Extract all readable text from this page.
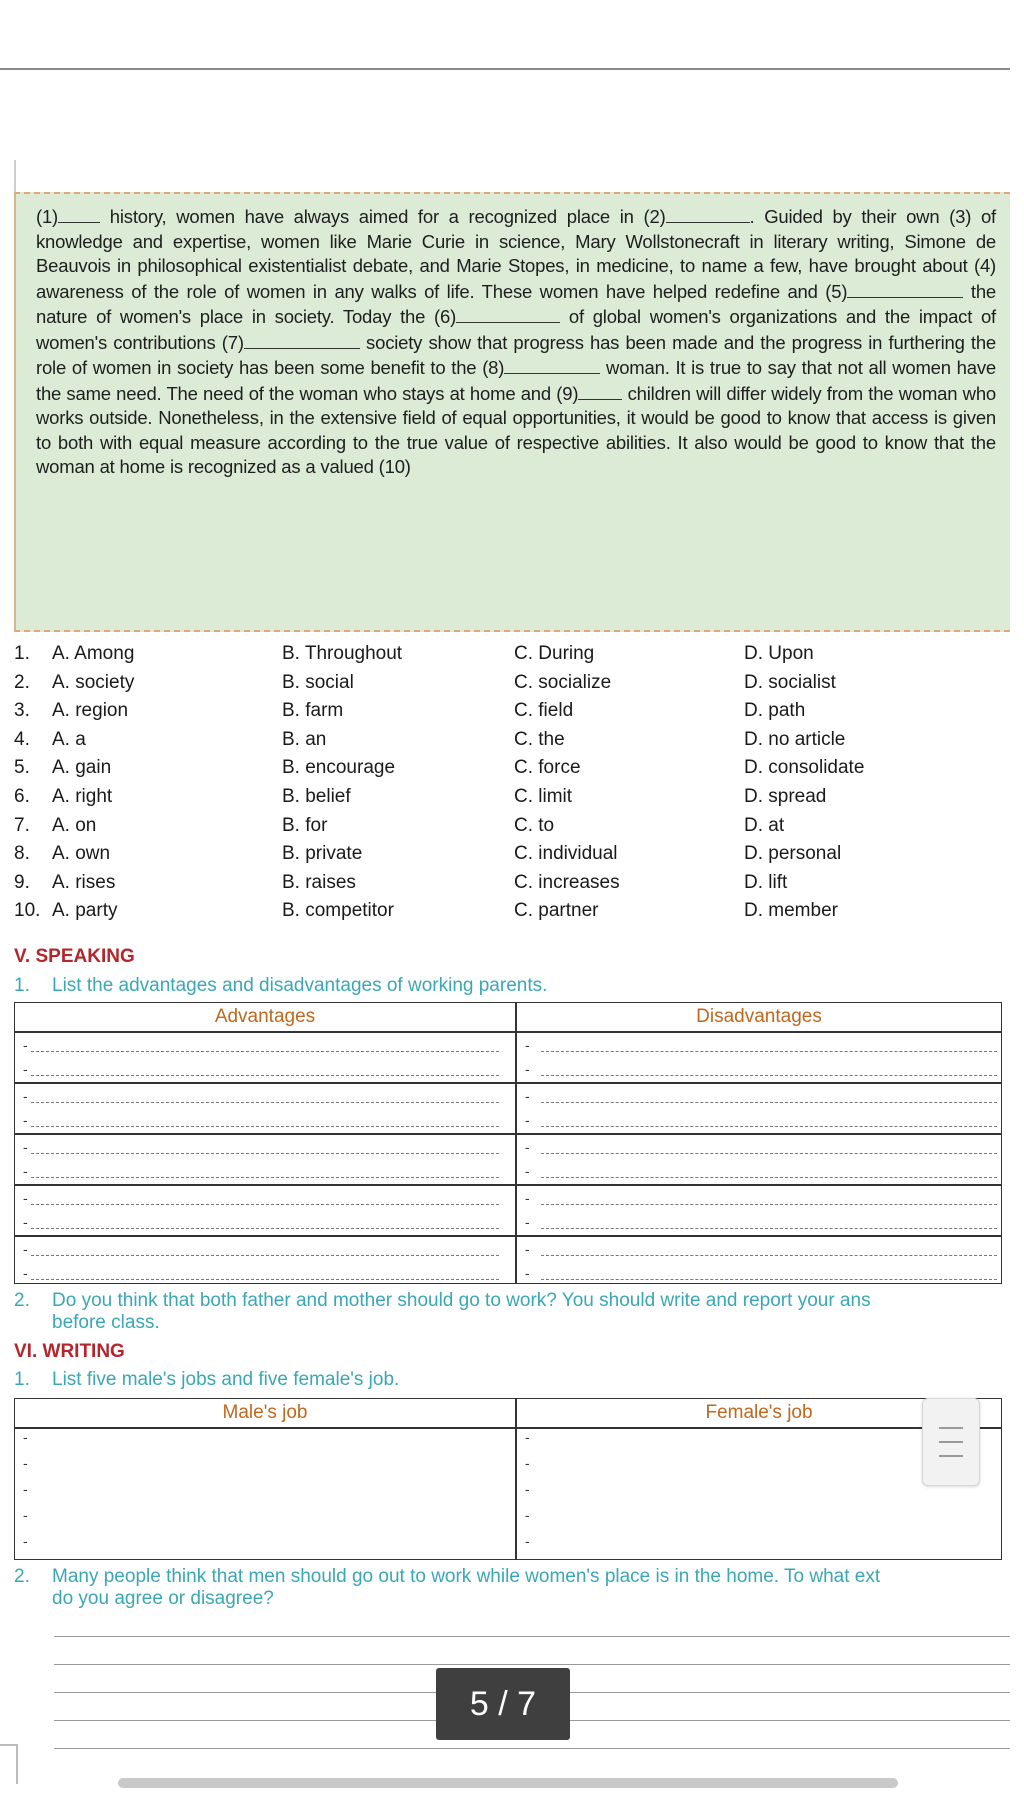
(1)	history, women have always aimed for a recognized place in (2)	. Guided by their own (3) of knowledge and expertise, women like Marie Curie in science, Mary Wollstonecraft in literary writing, Simone de Beauvois in philosophical existentialist debate, and Marie Stopes, in medicine, to name a few, have brought about (4) awareness of the role of women in any walks of life. These women have helped redefine and (5)	the nature of women's place in society. Today the (6)	of global women's organizations and the impact of women's contributions (7)	society show that progress has been made and the progress in furthering the role of women in society has been some benefit to the (8)	woman. It is true to say that not all women have the same need. The need of the woman who stays at home and (9) children will differ widely from the woman who works outside. Nonetheless, in the extensive field of equal opportunities, it would be good to know that access is given to both with equal measure according to the true value of respective abilities. It also would be good to know that the woman at home is recognized as a valued (10)
1. A. Among	B. Throughout	C. During	D. Upon
2. A. society	B. social	C. socialize	D. socialist
3. A. region	B. farm	C. field	D. path
4. A. a	B. an	C. the	D. no article
5. A. gain	B. encourage	C. force	D. consolidate
6. A. right	B. belief	C. limit	D. spread
7. A. on	B. for	C. to	D. at
8. A. own	B. private	C. individual	D. personal
9. A. rises	B. raises	C. increases	D. lift
10. A. party	B. competitor	C. partner	D. member
V. SPEAKING
1. List the advantages and disadvantages of working parents.
Advantages	Disadvantages
-	-
-	-
-	-
-	-
-	-
-	-
-	-
-	-
-	-
-	-
2. Do you think that both father and mother should go to work? You should write and report your ans
before class.
VI. WRITING
1. List five male's jobs and five female's job.
Male's job	Female's job
-	-
-	-
-	-
-	-
-	-
2. Many people think that men should go out to work while women's place is in the home. To what ext
do you agree or disagree?
5 / 7
